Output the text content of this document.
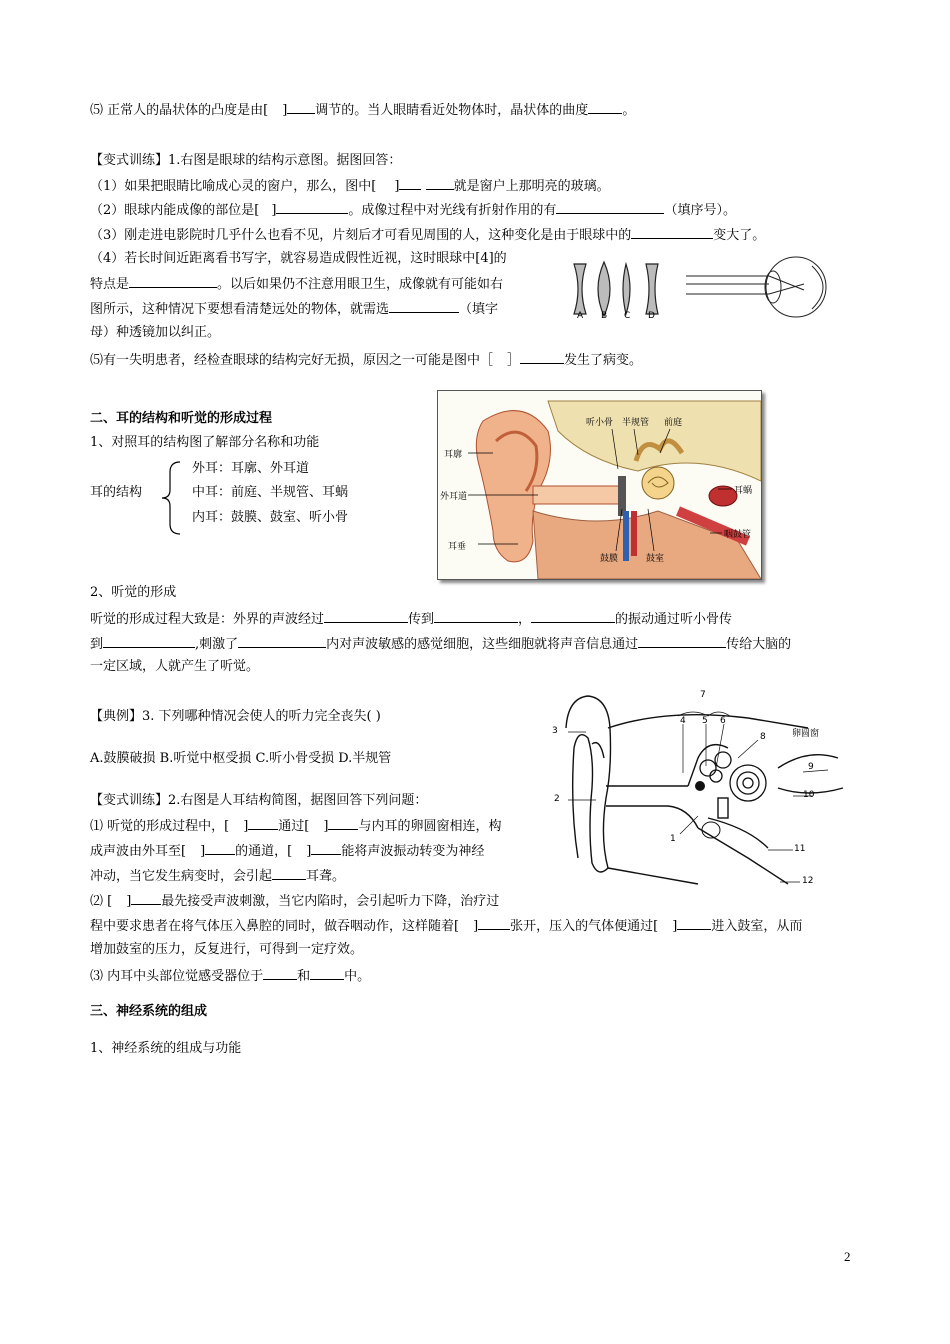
⑸ 正常人的晶状体的凸度是由[ ] 调节的。当人眼睛看近处物体时，晶状体的曲度	。
【变式训练】1.右图是眼球的结构示意图。据图回答：
（1）如果把眼睛比喻成心灵的窗户，那么，图中[ ]	就是窗户上那明亮的玻璃。
（2）眼球内能成像的部位是[ ]	。成像过程中对光线有折射作用的有	（填序号）。
（3）刚走进电影院时几乎什么也看不见，片刻后才可看见周围的人，这种变化是由于眼球中的	变大了。
（4）若长时间近距离看书写字，就容易造成假性近视，这时眼球中[4]的
特点是	。以后如果仍不注意用眼卫生，成像就有可能如右
图所示，这种情况下要想看清楚远处的物体，就需选	（填字
母）种透镜加以纠正。
⑸有一失明患者，经检查眼球的结构完好无损，原因之一可能是图中［ ］	发生了病变。
A B C D
二、耳的结构和听觉的形成过程
1、对照耳的结构图了解部分名称和功能
耳的结构
外耳：耳廓、外耳道
中耳：前庭、半规管、耳蜗
内耳：鼓膜、鼓室、听小骨
听小骨 半规管 前庭
耳廓
外耳道
耳垂
鼓膜	鼓室
耳蜗
咽鼓管
2、听觉的形成
听觉的形成过程大致是：外界的声波经过	传到	，	的振动通过听小骨传
到	,刺激了	内对声波敏感的感觉细胞，这些细胞就将声音信息通过	传给大脑的
一定区域，人就产生了听觉。
【典例】3. 下列哪种情况会使人的听力完全丧失( )
A.鼓膜破损 B.听觉中枢受损 C.听小骨受损 D.半规管
【变式训练】2.右图是人耳结构简图，据图回答下列问题：
⑴ 听觉的形成过程中，[ ] 通过[ ] 与内耳的卵圆窗相连，构
成声波由外耳至[ ] 的通道，[ ] 能将声波振动转变为神经
冲动，当它发生病变时，会引起	耳聋。
⑵ [ ] 最先接受声波刺激，当它内陷时，会引起听力下降，治疗过
程中要求患者在将气体压入鼻腔的同时，做吞咽动作，这样随着[ ] 张开，压入的气体便通过[ ]	进入鼓室，从而
增加鼓室的压力，反复进行，可得到一定疗效。
⑶ 内耳中头部位觉感受器位于	和	中。
7
4 5 6
3
8	卵圆窗
9
10
2
1
11
12
三、神经系统的组成
1、神经系统的组成与功能
2
